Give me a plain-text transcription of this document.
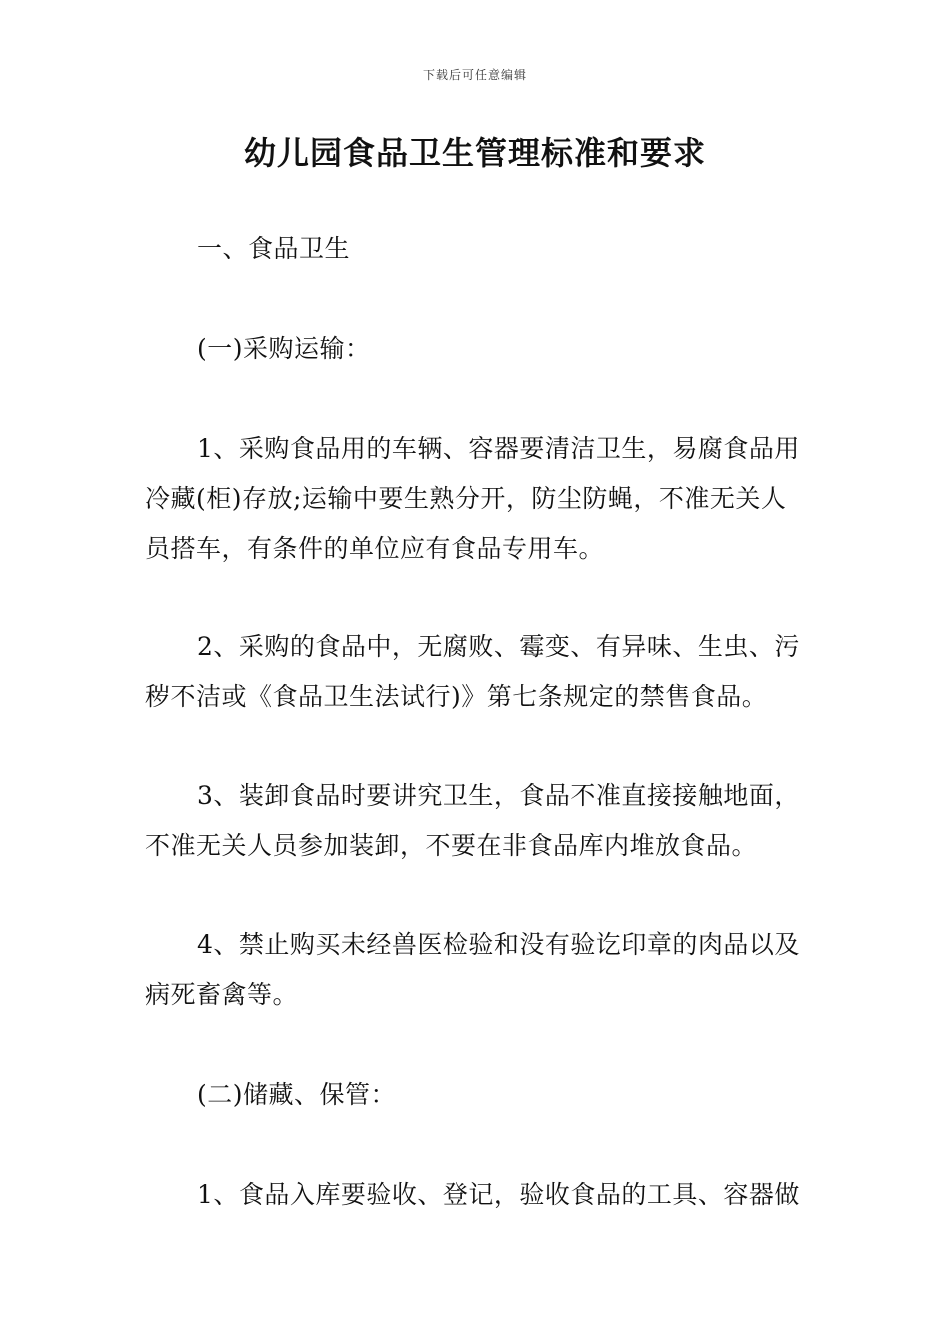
下载后可任意编辑
幼儿园食品卫生管理标准和要求

一、食品卫生

(一)采购运输：

1、采购食品用的车辆、容器要清洁卫生，易腐食品用冷藏(柜)存放;运输中要生熟分开，防尘防蝇，不准无关人员搭车，有条件的单位应有食品专用车。

2、采购的食品中，无腐败、霉变、有异味、生虫、污秽不洁或《食品卫生法试行)》第七条规定的禁售食品。

3、装卸食品时要讲究卫生，食品不准直接接触地面，不准无关人员参加装卸，不要在非食品库内堆放食品。

4、禁止购买未经兽医检验和没有验讫印章的肉品以及病死畜禽等。

(二)储藏、保管：

1、食品入库要验收、登记，验收食品的工具、容器做
